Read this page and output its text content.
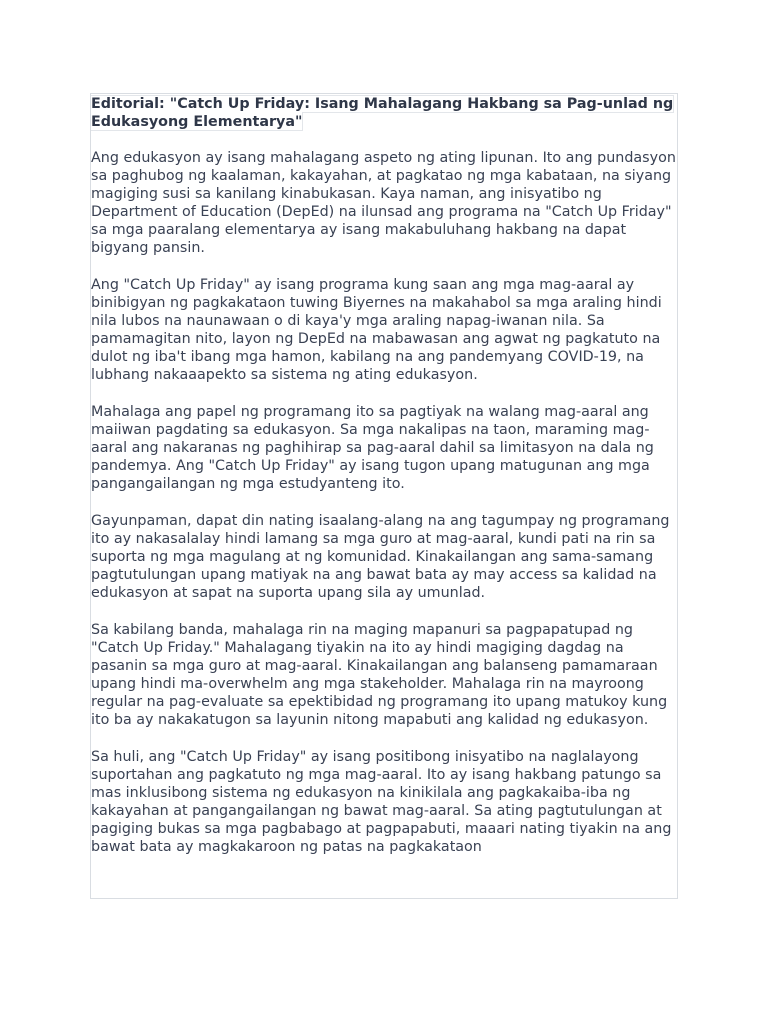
Editorial: "Catch Up Friday: Isang Mahalagang Hakbang sa Pag-unlad ng Edukasyong Elementarya"

Ang edukasyon ay isang mahalagang aspeto ng ating lipunan. Ito ang pundasyon sa paghubog ng kaalaman, kakayahan, at pagkatao ng mga kabataan, na siyang magiging susi sa kanilang kinabukasan. Kaya naman, ang inisyatibo ng Department of Education (DepEd) na ilunsad ang programa na "Catch Up Friday" sa mga paaralang elementarya ay isang makabuluhang hakbang na dapat bigyang pansin.

Ang "Catch Up Friday" ay isang programa kung saan ang mga mag-aaral ay binibigyan ng pagkakataon tuwing Biyernes na makahabol sa mga araling hindi nila lubos na naunawaan o di kaya'y mga araling napag-iwanan nila. Sa pamamagitan nito, layon ng DepEd na mabawasan ang agwat ng pagkatuto na dulot ng iba't ibang mga hamon, kabilang na ang pandemyang COVID-19, na lubhang nakaaapekto sa sistema ng ating edukasyon.

Mahalaga ang papel ng programang ito sa pagtiyak na walang mag-aaral ang maiiwan pagdating sa edukasyon. Sa mga nakalipas na taon, maraming mag-aaral ang nakaranas ng paghihirap sa pag-aaral dahil sa limitasyon na dala ng pandemya. Ang "Catch Up Friday" ay isang tugon upang matugunan ang mga pangangailangan ng mga estudyanteng ito.

Gayunpaman, dapat din nating isaalang-alang na ang tagumpay ng programang ito ay nakasalalay hindi lamang sa mga guro at mag-aaral, kundi pati na rin sa suporta ng mga magulang at ng komunidad. Kinakailangan ang sama-samang pagtutulungan upang matiyak na ang bawat bata ay may access sa kalidad na edukasyon at sapat na suporta upang sila ay umunlad.

Sa kabilang banda, mahalaga rin na maging mapanuri sa pagpapatupad ng "Catch Up Friday." Mahalagang tiyakin na ito ay hindi magiging dagdag na pasanin sa mga guro at mag-aaral. Kinakailangan ang balanseng pamamaraan upang hindi ma-overwhelm ang mga stakeholder. Mahalaga rin na mayroong regular na pag-evaluate sa epektibidad ng programang ito upang matukoy kung ito ba ay nakakatugon sa layunin nitong mapabuti ang kalidad ng edukasyon.

Sa huli, ang "Catch Up Friday" ay isang positibong inisyatibo na naglalayong suportahan ang pagkatuto ng mga mag-aaral. Ito ay isang hakbang patungo sa mas inklusibong sistema ng edukasyon na kinikilala ang pagkakaiba-iba ng kakayahan at pangangailangan ng bawat mag-aaral. Sa ating pagtutulungan at pagiging bukas sa mga pagbabago at pagpapabuti, maaari nating tiyakin na ang bawat bata ay magkakaroon ng patas na pagkakataon
